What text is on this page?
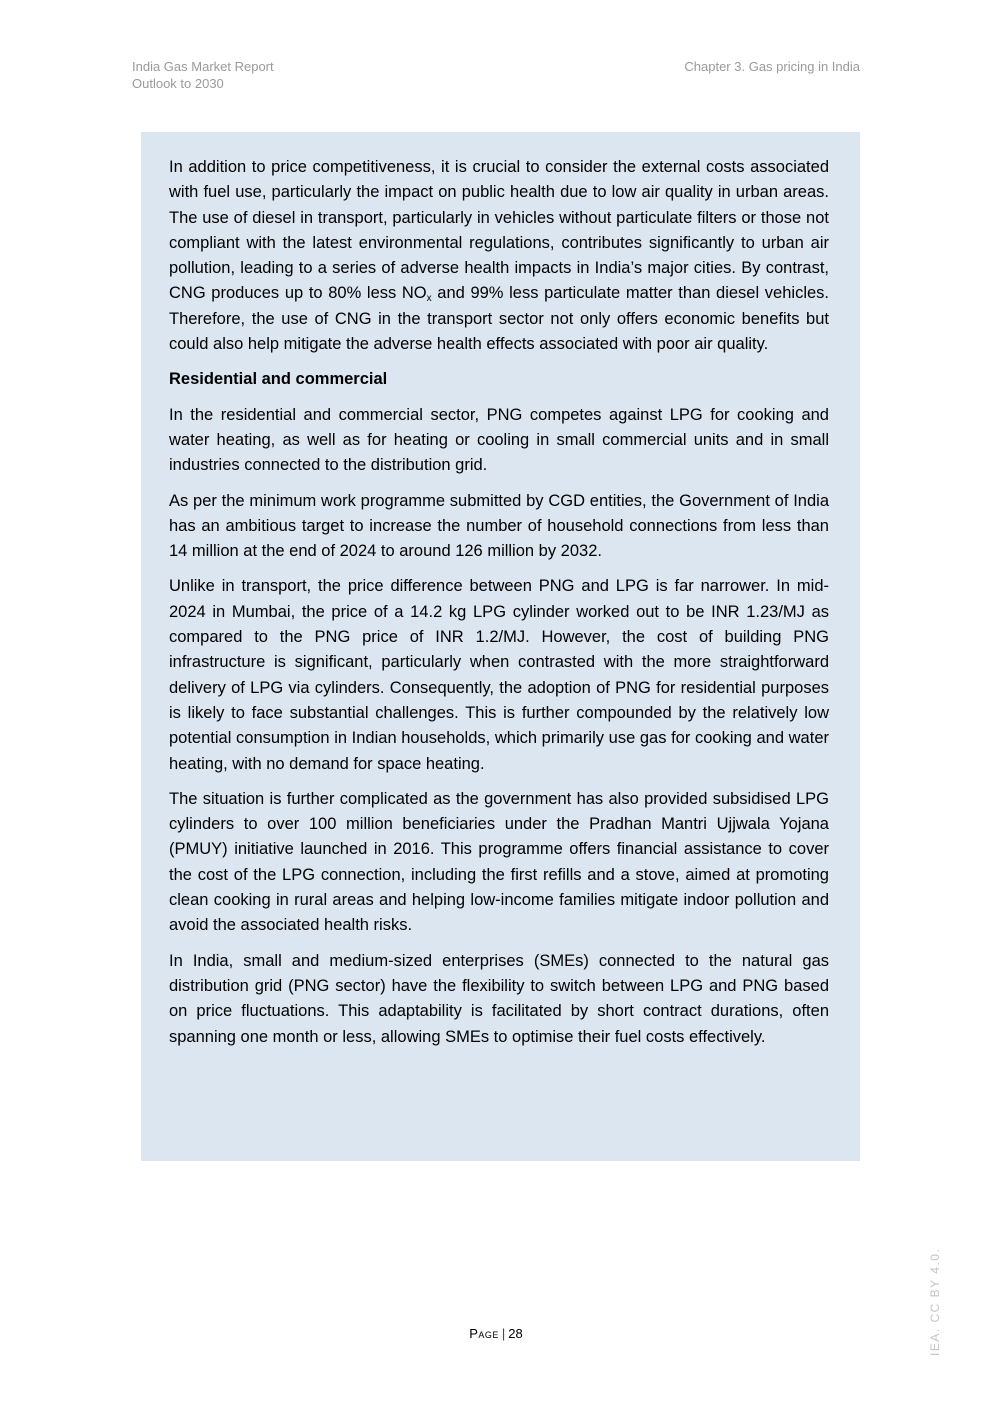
India Gas Market Report
Outlook to 2030
Chapter 3. Gas pricing in India

In addition to price competitiveness, it is crucial to consider the external costs associated with fuel use, particularly the impact on public health due to low air quality in urban areas. The use of diesel in transport, particularly in vehicles without particulate filters or those not compliant with the latest environmental regulations, contributes significantly to urban air pollution, leading to a series of adverse health impacts in India’s major cities. By contrast, CNG produces up to 80% less $NO_x$ and 99% less particulate matter than diesel vehicles. Therefore, the use of CNG in the transport sector not only offers economic benefits but could also help mitigate the adverse health effects associated with poor air quality.

Residential and commercial

In the residential and commercial sector, PNG competes against LPG for cooking and water heating, as well as for heating or cooling in small commercial units and in small industries connected to the distribution grid.

As per the minimum work programme submitted by CGD entities, the Government of India has an ambitious target to increase the number of household connections from less than 14 million at the end of 2024 to around 126 million by 2032.

Unlike in transport, the price difference between PNG and LPG is far narrower. In mid-2024 in Mumbai, the price of a 14.2 kg LPG cylinder worked out to be INR 1.23/MJ as compared to the PNG price of INR 1.2/MJ. However, the cost of building PNG infrastructure is significant, particularly when contrasted with the more straightforward delivery of LPG via cylinders. Consequently, the adoption of PNG for residential purposes is likely to face substantial challenges. This is further compounded by the relatively low potential consumption in Indian households, which primarily use gas for cooking and water heating, with no demand for space heating.

The situation is further complicated as the government has also provided subsidised LPG cylinders to over 100 million beneficiaries under the Pradhan Mantri Ujjwala Yojana (PMUY) initiative launched in 2016. This programme offers financial assistance to cover the cost of the LPG connection, including the first refills and a stove, aimed at promoting clean cooking in rural areas and helping low-income families mitigate indoor pollution and avoid the associated health risks.

In India, small and medium-sized enterprises (SMEs) connected to the natural gas distribution grid (PNG sector) have the flexibility to switch between LPG and PNG based on price fluctuations. This adaptability is facilitated by short contract durations, often spanning one month or less, allowing SMEs to optimise their fuel costs effectively.

Page | 28	IEA. CC BY 4.0.
